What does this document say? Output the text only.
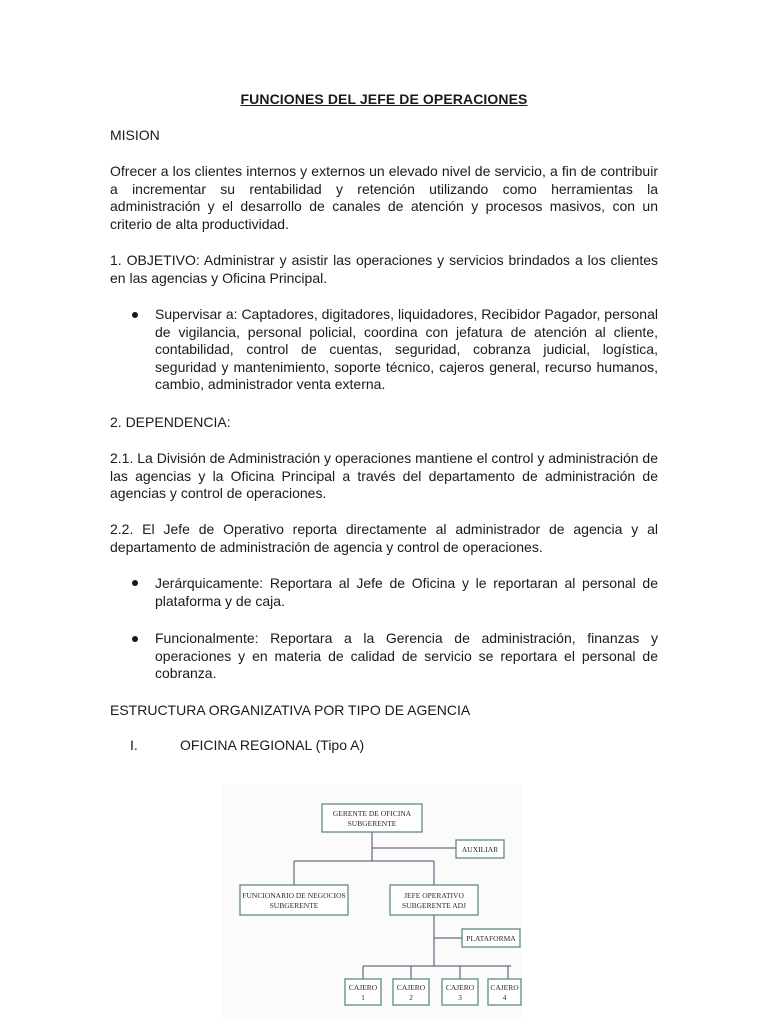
FUNCIONES DEL JEFE DE OPERACIONES
MISION
Ofrecer a los clientes internos y externos un elevado nivel de servicio, a fin de contribuir a incrementar su rentabilidad y retención utilizando como herramientas la administración y el desarrollo de canales de atención y procesos masivos, con un criterio de alta productividad.
1. OBJETIVO: Administrar y asistir las operaciones y servicios brindados a los clientes en las agencias y Oficina Principal.
Supervisar a: Captadores, digitadores, liquidadores, Recibidor Pagador, personal de vigilancia, personal policial, coordina con jefatura de atención al cliente, contabilidad, control de cuentas, seguridad, cobranza judicial, logística, seguridad y mantenimiento, soporte técnico, cajeros general, recurso humanos, cambio, administrador venta externa.
2. DEPENDENCIA:
2.1. La División de Administración y operaciones mantiene el control y administración de las agencias y la Oficina Principal a través del departamento de administración de agencias y control de operaciones.
2.2. El Jefe de Operativo reporta directamente al administrador de agencia y al departamento de administración de agencia y control de operaciones.
Jerárquicamente: Reportara al Jefe de Oficina y le reportaran al personal de plataforma y de caja.
Funcionalmente: Reportara a la Gerencia de administración, finanzas y operaciones y en materia de calidad de servicio se reportara el personal de cobranza.
ESTRUCTURA ORGANIZATIVA POR TIPO DE AGENCIA
I.	OFICINA REGIONAL (Tipo A)
GERENTE DE OFICINA
SUBGERENTE
AUXILIAR
FUNCIONARIO DE NEGOCIOS
SUBGERENTE
JEFE OPERATIVO
SUBGERENTE ADJ
PLATAFORMA
CAJERO
1
CAJERO
2
CAJERO
3
CAJERO
4
